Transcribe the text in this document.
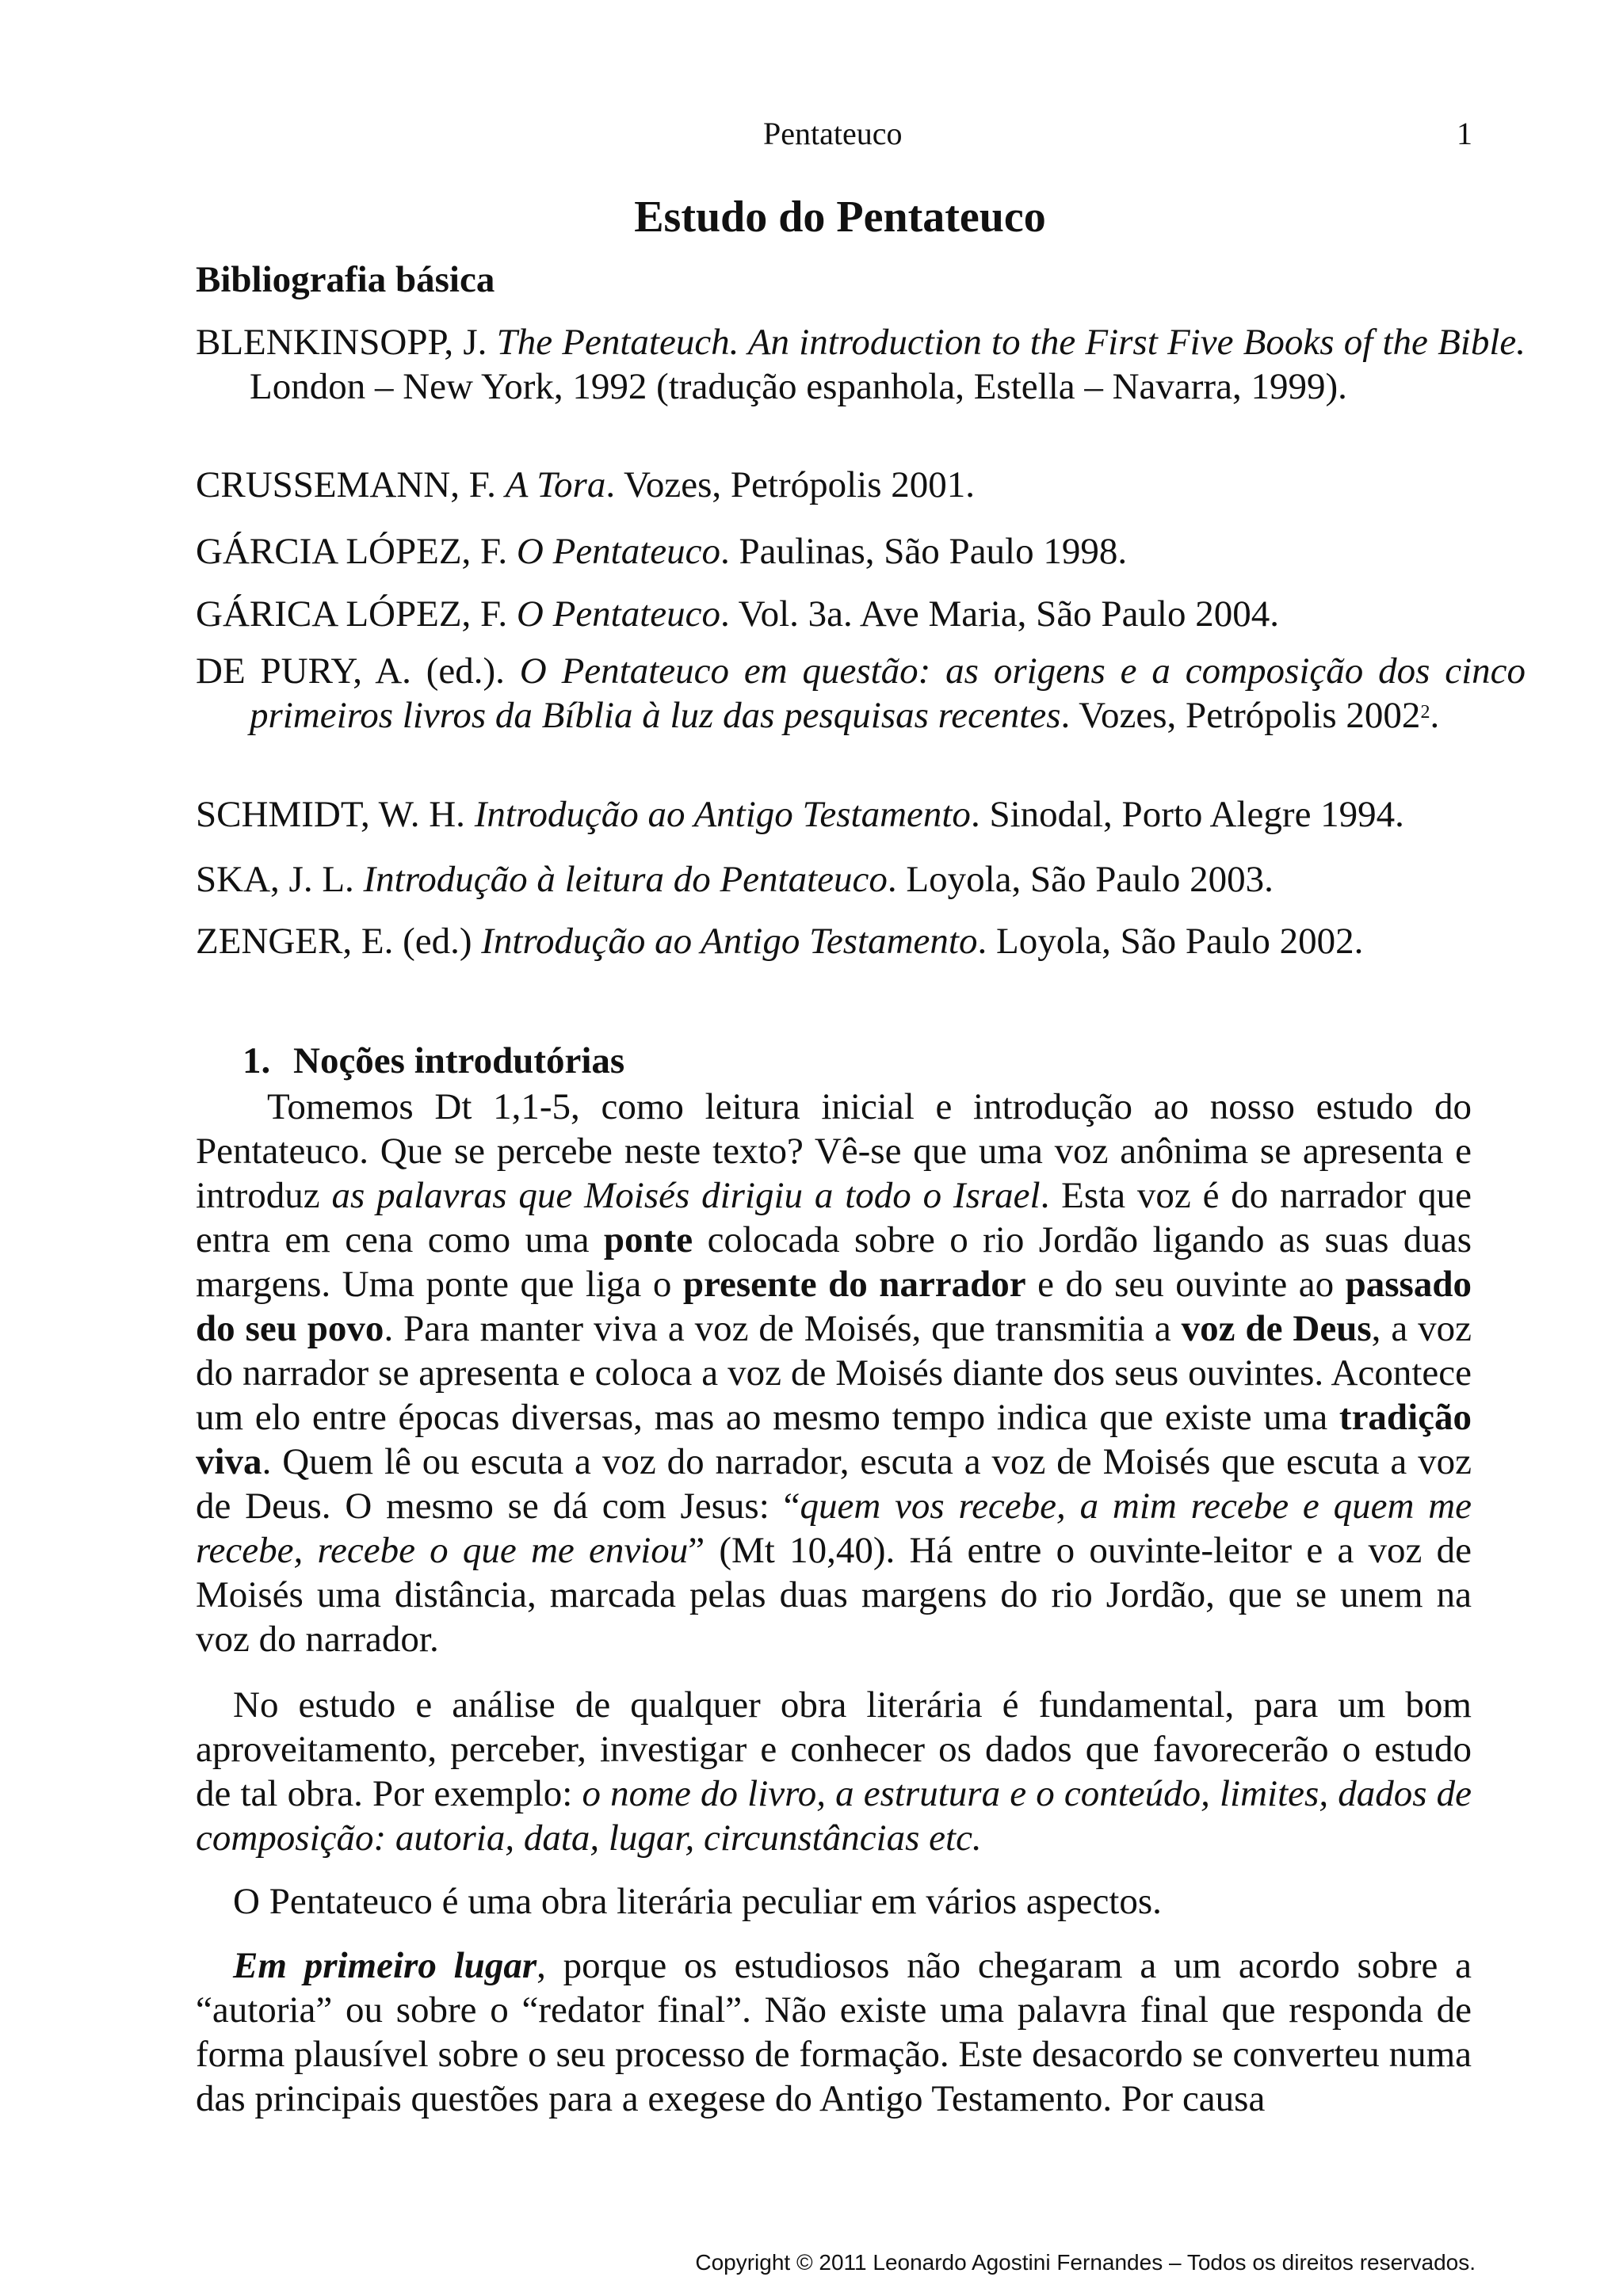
Pentateuco	1
Estudo do Pentateuco
Bibliografia básica
BLENKINSOPP, J. The Pentateuch. An introduction to the First Five Books of the Bible. London – New York, 1992 (tradução espanhola, Estella – Navarra, 1999).
CRUSSEMANN, F. A Tora. Vozes, Petrópolis 2001.
GÁRCIA LÓPEZ, F. O Pentateuco. Paulinas, São Paulo 1998.
GÁRICA LÓPEZ, F. O Pentateuco. Vol. 3a. Ave Maria, São Paulo 2004.
DE PURY, A. (ed.). O Pentateuco em questão: as origens e a composição dos cinco primeiros livros da Bíblia à luz das pesquisas recentes. Vozes, Petrópolis 2002$^2$.
SCHMIDT, W. H. Introdução ao Antigo Testamento. Sinodal, Porto Alegre 1994.
SKA, J. L. Introdução à leitura do Pentateuco. Loyola, São Paulo 2003.
ZENGER, E. (ed.) Introdução ao Antigo Testamento. Loyola, São Paulo 2002.
1. Noções introdutórias

Tomemos Dt 1,1-5, como leitura inicial e introdução ao nosso estudo do Pentateuco. Que se percebe neste texto? Vê-se que uma voz anônima se apresenta e introduz as palavras que Moisés dirigiu a todo o Israel. Esta voz é do narrador que entra em cena como uma ponte colocada sobre o rio Jordão ligando as suas duas margens. Uma ponte que liga o presente do narrador e do seu ouvinte ao passado do seu povo. Para manter viva a voz de Moisés, que transmitia a voz de Deus, a voz do narrador se apresenta e coloca a voz de Moisés diante dos seus ouvintes. Acontece um elo entre épocas diversas, mas ao mesmo tempo indica que existe uma tradição viva. Quem lê ou escuta a voz do narrador, escuta a voz de Moisés que escuta a voz de Deus. O mesmo se dá com Jesus: “quem vos recebe, a mim recebe e quem me recebe, recebe o que me enviou” (Mt 10,40). Há entre o ouvinte-leitor e a voz de Moisés uma distância, marcada pelas duas margens do rio Jordão, que se unem na voz do narrador.

No estudo e análise de qualquer obra literária é fundamental, para um bom aproveitamento, perceber, investigar e conhecer os dados que favorecerão o estudo de tal obra. Por exemplo: o nome do livro, a estrutura e o conteúdo, limites, dados de composição: autoria, data, lugar, circunstâncias etc.

O Pentateuco é uma obra literária peculiar em vários aspectos.

Em primeiro lugar, porque os estudiosos não chegaram a um acordo sobre a “autoria” ou sobre o “redator final”. Não existe uma palavra final que responda de forma plausível sobre o seu processo de formação. Este desacordo se converteu numa das principais questões para a exegese do Antigo Testamento. Por causa

Copyright © 2011 Leonardo Agostini Fernandes – Todos os direitos reservados.
